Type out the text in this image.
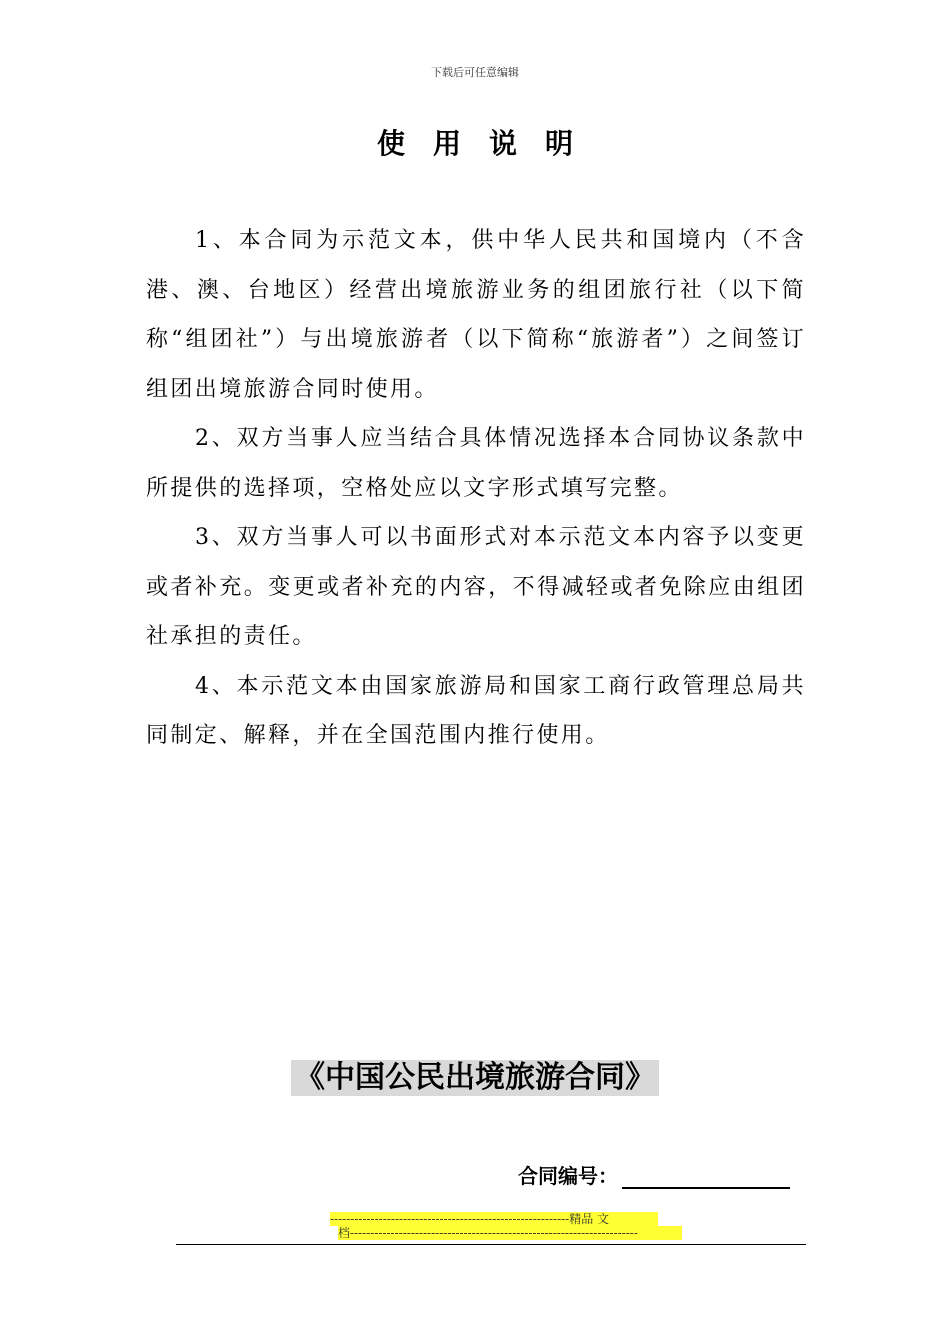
下载后可任意编辑
使用说明

1、本合同为示范文本，供中华人民共和国境内（不含港、澳、台地区）经营出境旅游业务的组团旅行社（以下简称“组团社”）与出境旅游者（以下简称“旅游者”）之间签订组团出境旅游合同时使用。

2、双方当事人应当结合具体情况选择本合同协议条款中所提供的选择项，空格处应以文字形式填写完整。

3、双方当事人可以书面形式对本示范文本内容予以变更或者补充。变更或者补充的内容，不得减轻或者免除应由组团社承担的责任。

4、本示范文本由国家旅游局和国家工商行政管理总局共同制定、解释，并在全国范围内推行使用。

《中国公民出境旅游合同》
合同编号：
-----------------------------------------------------------精品 文
档-----------------------------------------------------------------------
